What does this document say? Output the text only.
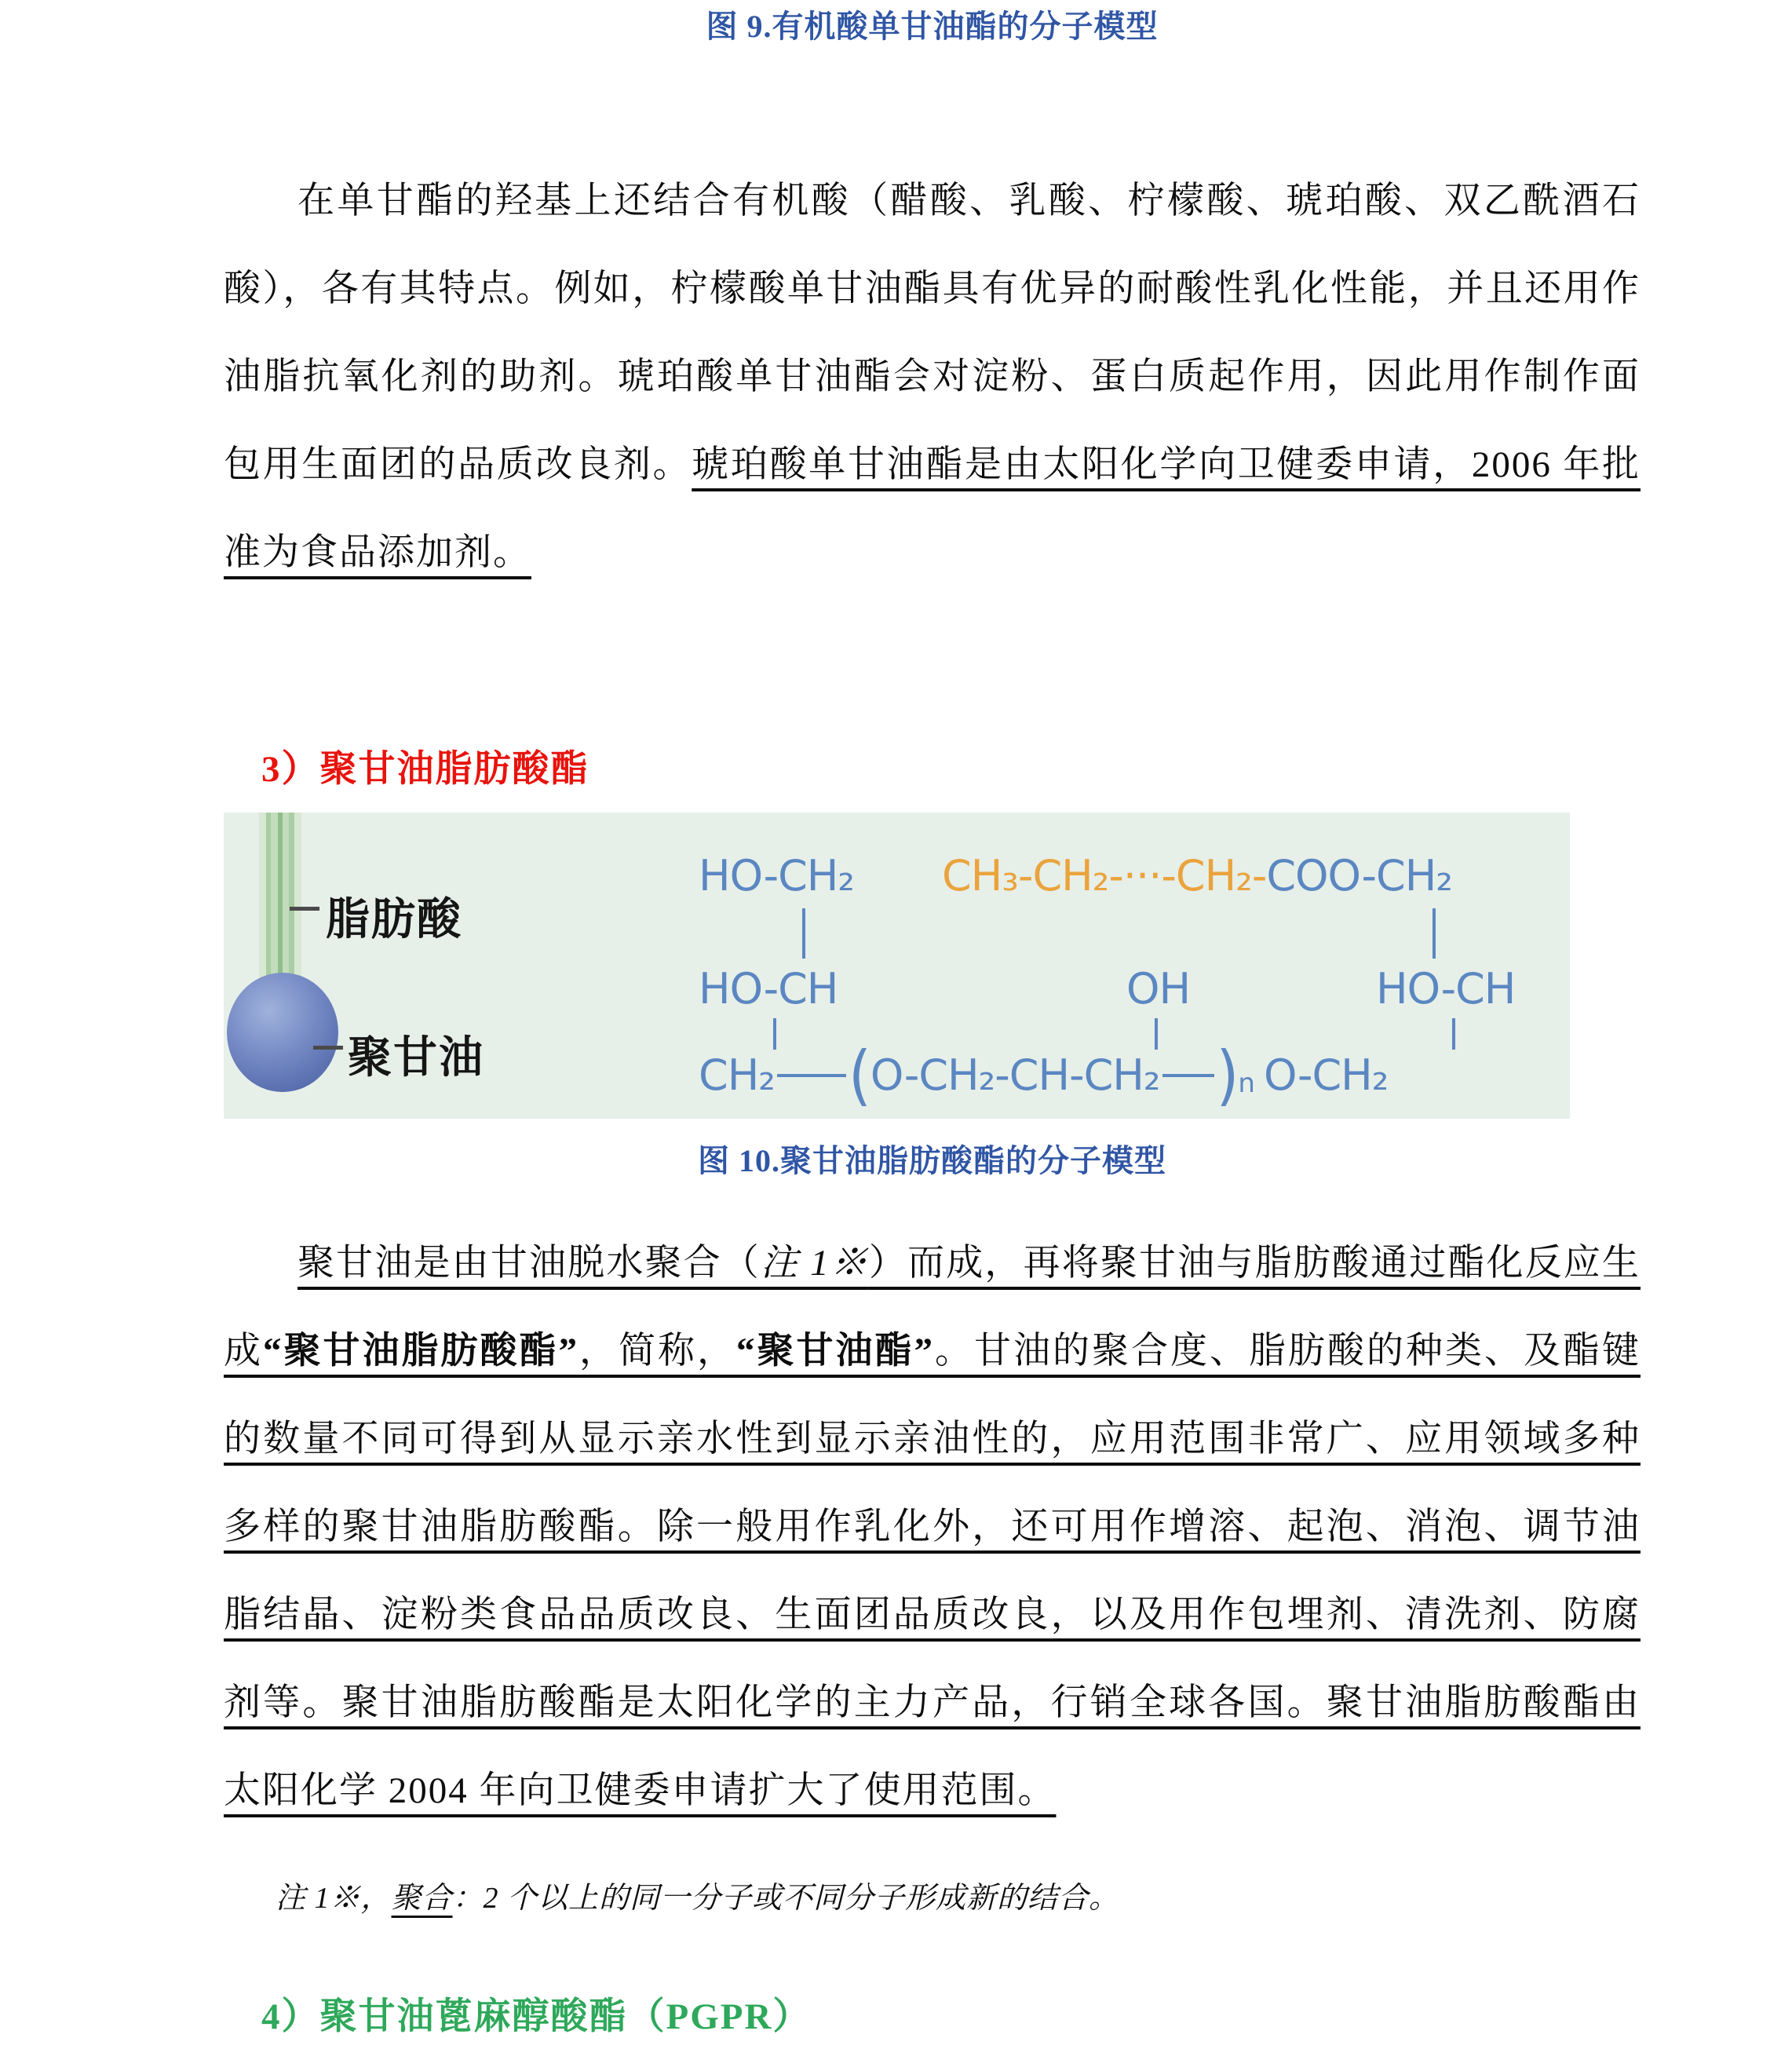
图 9.有机酸单甘油酯的分子模型

在单甘酯的羟基上还结合有机酸（醋酸、乳酸、柠檬酸、琥珀酸、双乙酰酒石酸），各有其特点。例如，柠檬酸单甘油酯具有优异的耐酸性乳化性能，并且还用作油脂抗氧化剂的助剂。琥珀酸单甘油酯会对淀粉、蛋白质起作用，因此用作制作面包用生面团的品质改良剂。琥珀酸单甘油酯是由太阳化学向卫健委申请，2006 年批准为食品添加剂。

3）聚甘油脂肪酸酯
脂肪酸
聚甘油
HO-CH₂ CH₃-CH₂-···-CH₂-COO-CH₂
HO-CH	OH	HO-CH
CH₂ ( O-CH₂-CH-CH₂ ) n O-CH₂
图 10.聚甘油脂肪酸酯的分子模型

聚甘油是由甘油脱水聚合（注 1※）而成，再将聚甘油与脂肪酸通过酯化反应生成“聚甘油脂肪酸酯”，简称，“聚甘油酯”。甘油的聚合度、脂肪酸的种类、及酯键的数量不同可得到从显示亲水性到显示亲油性的，应用范围非常广、应用领域多种多样的聚甘油脂肪酸酯。除一般用作乳化外，还可用作增溶、起泡、消泡、调节油脂结晶、淀粉类食品品质改良、生面团品质改良，以及用作包埋剂、清洗剂、防腐剂等。聚甘油脂肪酸酯是太阳化学的主力产品，行销全球各国。聚甘油脂肪酸酯由太阳化学 2004 年向卫健委申请扩大了使用范围。

注 1※，聚合：2 个以上的同一分子或不同分子形成新的结合。
4）聚甘油蓖麻醇酸酯（PGPR）
